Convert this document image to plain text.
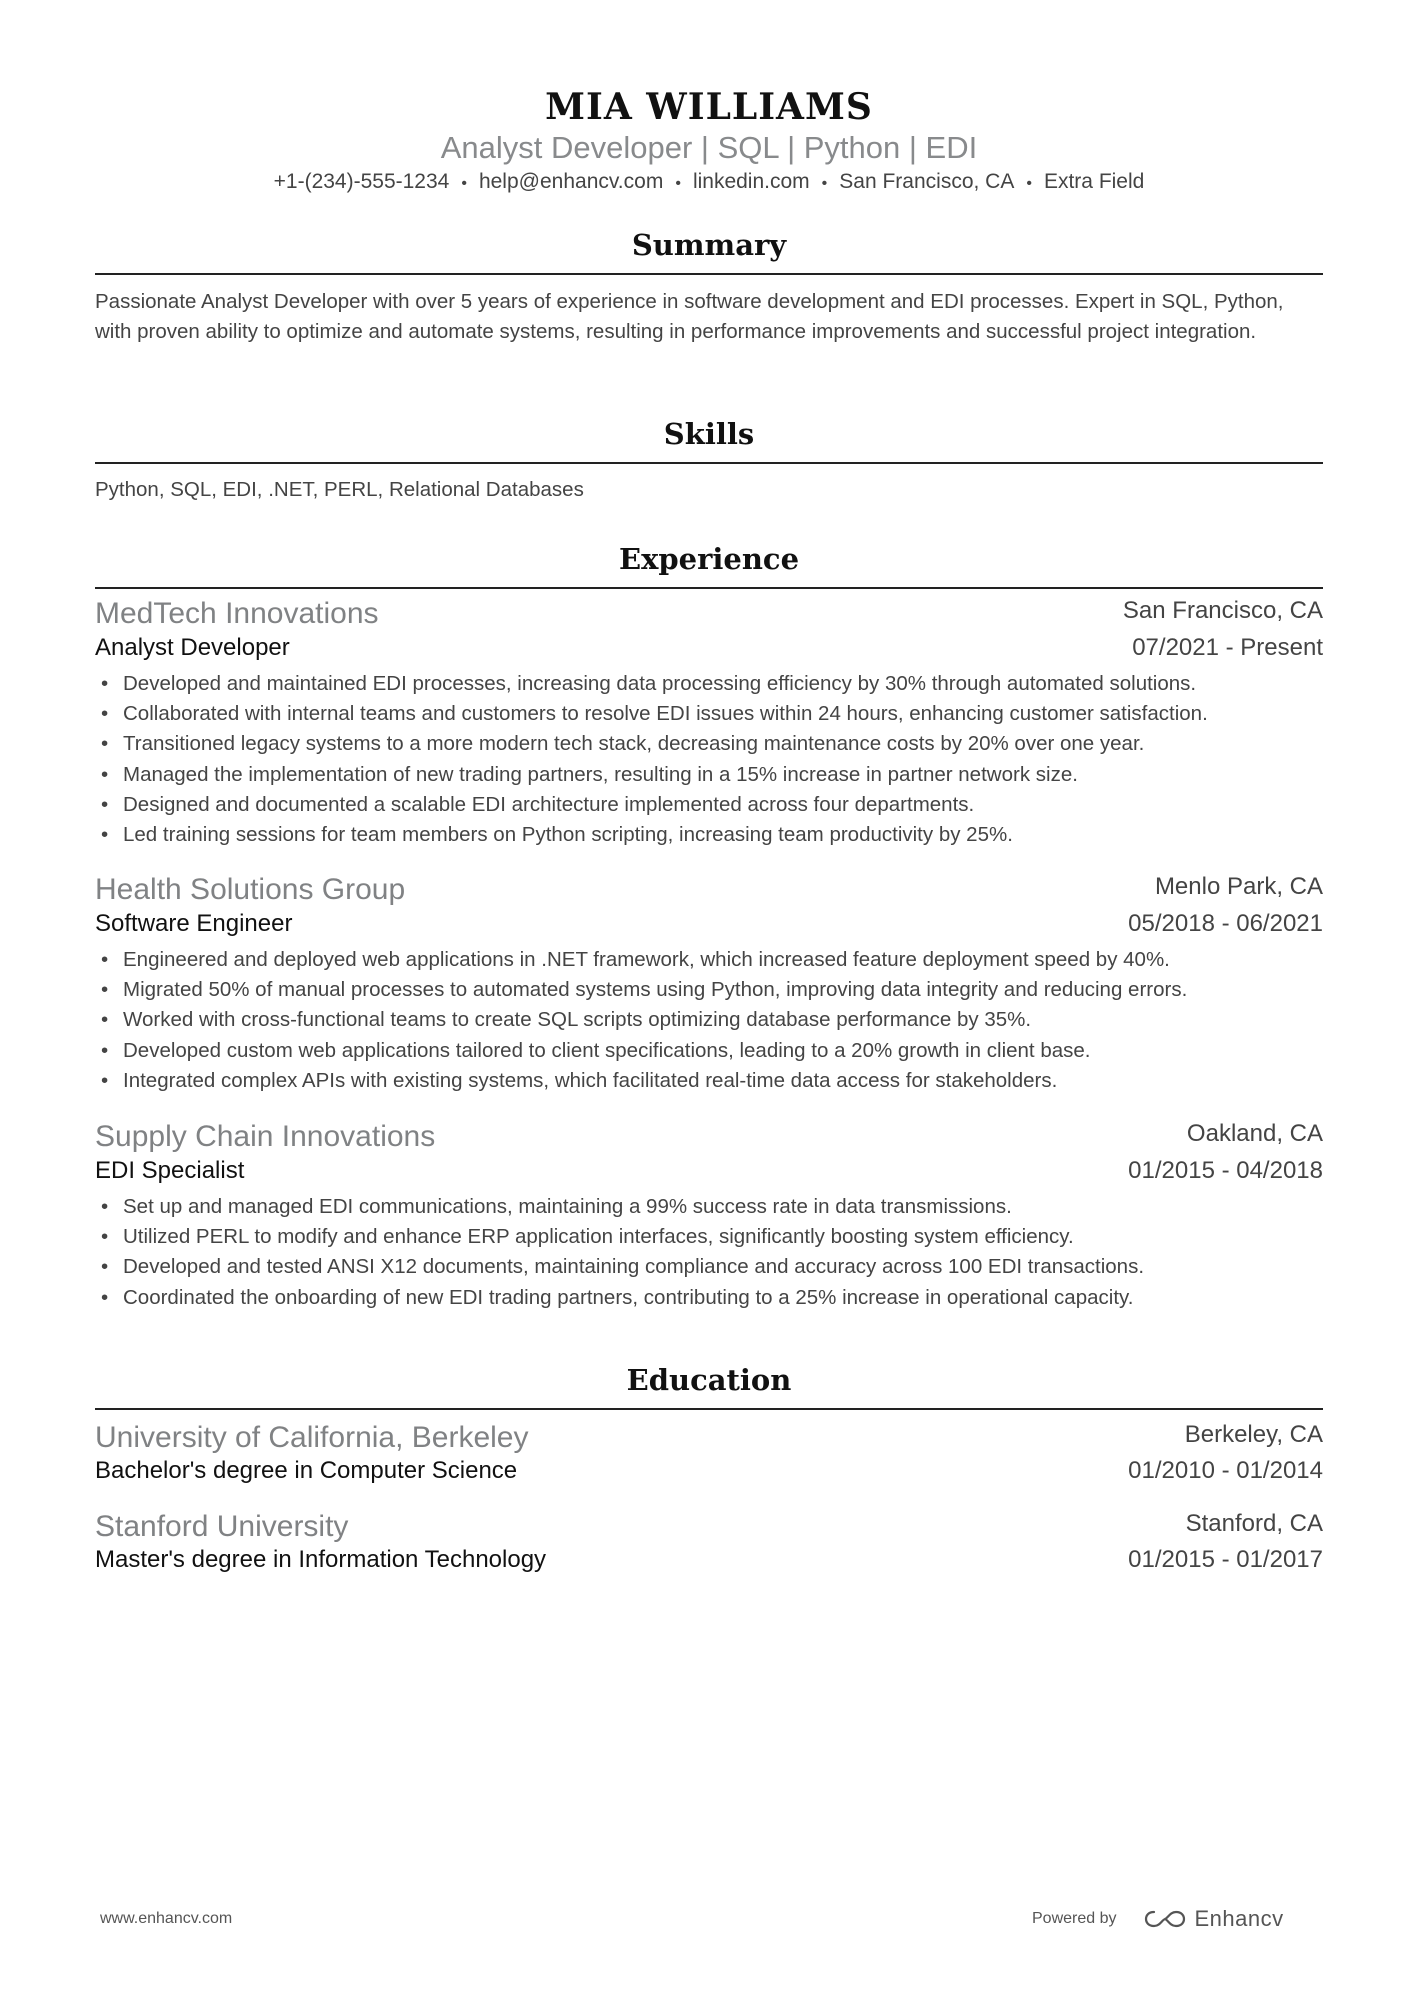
MIA WILLIAMS
Analyst Developer | SQL | Python | EDI
+1-(234)-555-1234 • help@enhancv.com • linkedin.com • San Francisco, CA • Extra Field
Summary

Passionate Analyst Developer with over 5 years of experience in software development and EDI processes. Expert in SQL, Python, with proven ability to optimize and automate systems, resulting in performance improvements and successful project integration.

Skills

Python, SQL, EDI, .NET, PERL, Relational Databases

Experience
MedTech Innovations	San Francisco, CA
Analyst Developer	07/2021 - Present
• Developed and maintained EDI processes, increasing data processing efficiency by 30% through automated solutions.
• Collaborated with internal teams and customers to resolve EDI issues within 24 hours, enhancing customer satisfaction.
• Transitioned legacy systems to a more modern tech stack, decreasing maintenance costs by 20% over one year.
• Managed the implementation of new trading partners, resulting in a 15% increase in partner network size.
• Designed and documented a scalable EDI architecture implemented across four departments.
• Led training sessions for team members on Python scripting, increasing team productivity by 25%.
Health Solutions Group	Menlo Park, CA
Software Engineer	05/2018 - 06/2021
• Engineered and deployed web applications in .NET framework, which increased feature deployment speed by 40%.
• Migrated 50% of manual processes to automated systems using Python, improving data integrity and reducing errors.
• Worked with cross-functional teams to create SQL scripts optimizing database performance by 35%.
• Developed custom web applications tailored to client specifications, leading to a 20% growth in client base.
• Integrated complex APIs with existing systems, which facilitated real-time data access for stakeholders.
Supply Chain Innovations	Oakland, CA
EDI Specialist	01/2015 - 04/2018
• Set up and managed EDI communications, maintaining a 99% success rate in data transmissions.
• Utilized PERL to modify and enhance ERP application interfaces, significantly boosting system efficiency.
• Developed and tested ANSI X12 documents, maintaining compliance and accuracy across 100 EDI transactions.
• Coordinated the onboarding of new EDI trading partners, contributing to a 25% increase in operational capacity.
Education
University of California, Berkeley	Berkeley, CA
Bachelor's degree in Computer Science	01/2010 - 01/2014
Stanford University	Stanford, CA
Master's degree in Information Technology	01/2015 - 01/2017
www.enhancv.com	Powered by	Enhancv
